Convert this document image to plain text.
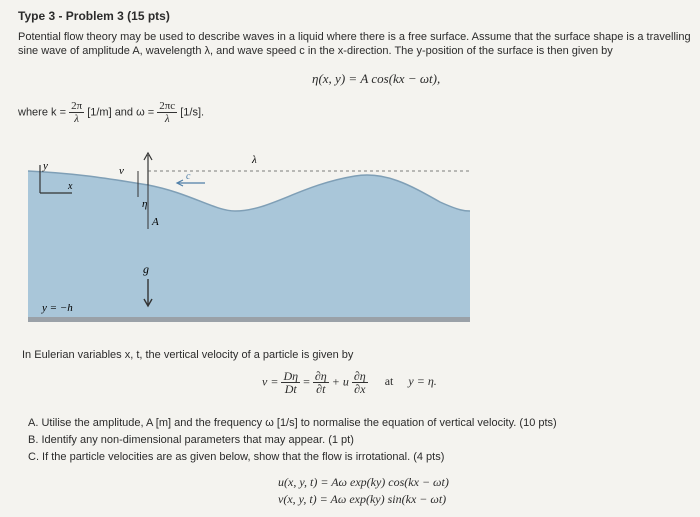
Type 3 - Problem 3 (15 pts)
Potential flow theory may be used to describe waves in a liquid where there is a free surface. Assume that the surface shape is a travelling
sine wave of amplitude A, wavelength λ, and wave speed c in the x-direction. The y-position of the surface is then given by
η(x, y) = A cos(kx − ωt),
where $k = \frac{2\pi}{\lambda} [1/m]$ and $\omega = \frac{2\pi c}{\lambda} [1/s]$.
y
x
v
η
λ
A
c
g
y = −h
In Eulerian variables x, t, the vertical velocity of a particle is given by
$v = \frac{D\eta}{Dt} = \frac{\partial\eta}{\partial t} + u \frac{\partial\eta}{\partial x}$ at y = η.
A. Utilise the amplitude, A [m] and the frequency ω [1/s] to normalise the equation of vertical velocity. (10 pts)
B. Identify any non-dimensional parameters that may appear. (1 pt)
C. If the particle velocities are as given below, show that the flow is irrotational. (4 pts)
u(x, y, t) = Aω exp(ky) cos(kx − ωt)
v(x, y, t) = Aω exp(ky) sin(kx − ωt)
